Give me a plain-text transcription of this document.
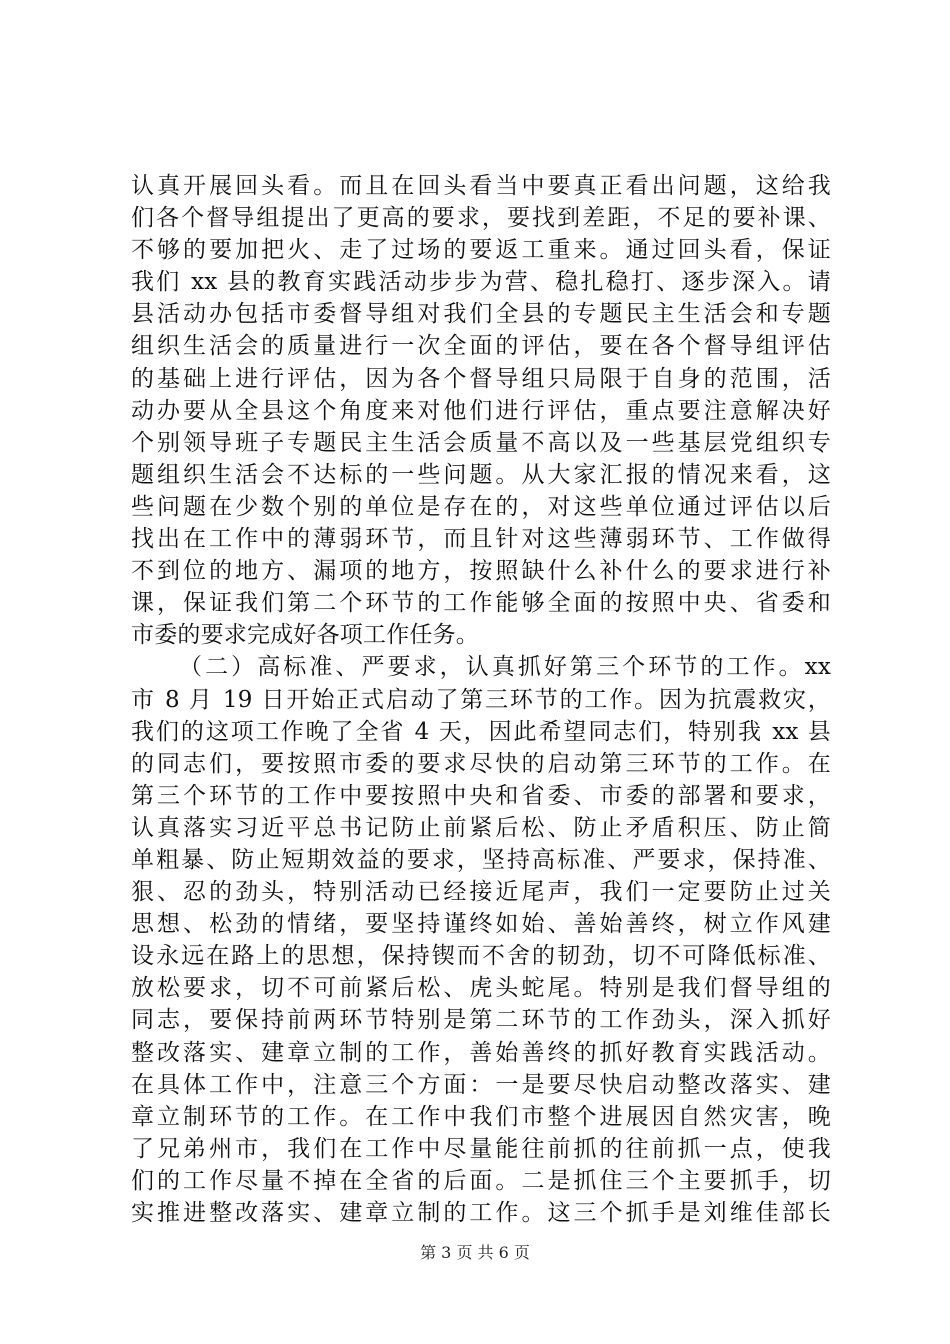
认真开展回头看。而且在回头看当中要真正看出问题，这给我
们各个督导组提出了更高的要求，要找到差距，不足的要补课、
不够的要加把火、走了过场的要返工重来。通过回头看，保证
我们 xx 县的教育实践活动步步为营、稳扎稳打、逐步深入。请
县活动办包括市委督导组对我们全县的专题民主生活会和专题
组织生活会的质量进行一次全面的评估，要在各个督导组评估
的基础上进行评估，因为各个督导组只局限于自身的范围，活
动办要从全县这个角度来对他们进行评估，重点要注意解决好
个别领导班子专题民主生活会质量不高以及一些基层党组织专
题组织生活会不达标的一些问题。从大家汇报的情况来看，这
些问题在少数个别的单位是存在的，对这些单位通过评估以后
找出在工作中的薄弱环节，而且针对这些薄弱环节、工作做得
不到位的地方、漏项的地方，按照缺什么补什么的要求进行补
课，保证我们第二个环节的工作能够全面的按照中央、省委和
市委的要求完成好各项工作任务。
（二）高标准、严要求，认真抓好第三个环节的工作。xx
市 8 月 19 日开始正式启动了第三环节的工作。因为抗震救灾，
我们的这项工作晚了全省 4 天，因此希望同志们，特别我 xx 县
的同志们，要按照市委的要求尽快的启动第三环节的工作。在
第三个环节的工作中要按照中央和省委、市委的部署和要求，
认真落实习近平总书记防止前紧后松、防止矛盾积压、防止简
单粗暴、防止短期效益的要求，坚持高标准、严要求，保持准、
狠、忍的劲头，特别活动已经接近尾声，我们一定要防止过关
思想、松劲的情绪，要坚持谨终如始、善始善终，树立作风建
设永远在路上的思想，保持锲而不舍的韧劲，切不可降低标准、
放松要求，切不可前紧后松、虎头蛇尾。特别是我们督导组的
同志，要保持前两环节特别是第二环节的工作劲头，深入抓好
整改落实、建章立制的工作，善始善终的抓好教育实践活动。
在具体工作中，注意三个方面：一是要尽快启动整改落实、建
章立制环节的工作。在工作中我们市整个进展因自然灾害，晚
了兄弟州市，我们在工作中尽量能往前抓的往前抓一点，使我
们的工作尽量不掉在全省的后面。二是抓住三个主要抓手，切
实推进整改落实、建章立制的工作。这三个抓手是刘维佳部长
第 3 页 共 6 页
